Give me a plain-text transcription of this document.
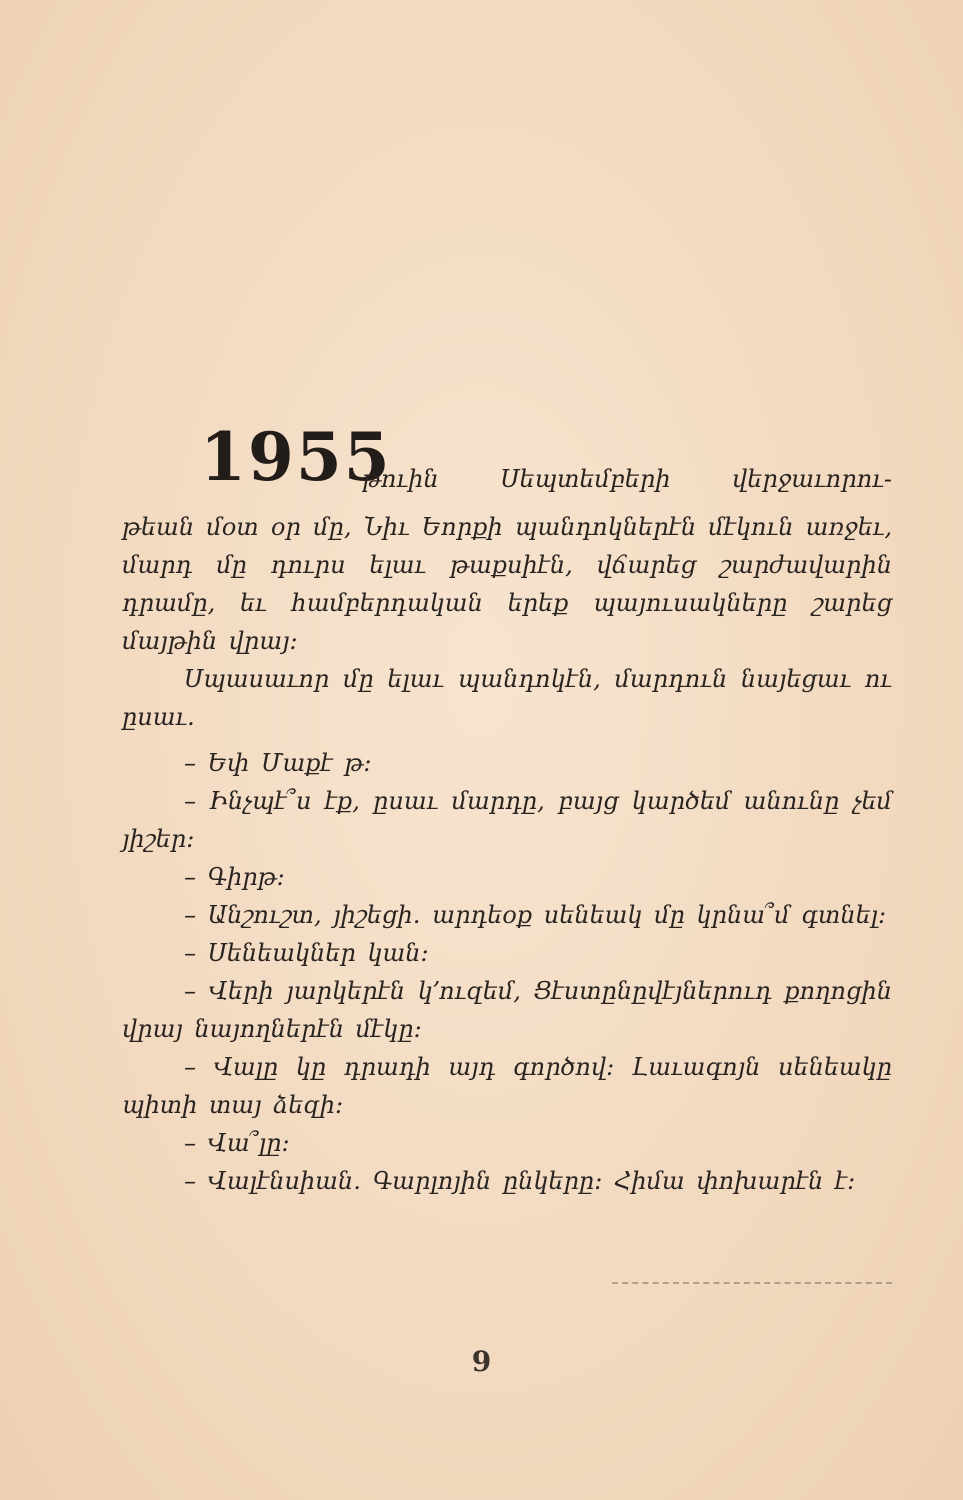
1955
թուին Սեպտեմբերի վերջաւորու-

թեան մօտ օր մը, Նիւ Եորքի պանդոկներէն մէկուն առջեւ, մարդ մը դուրս ելաւ թաքսիէն, վճարեց շարժավարին դրամը, եւ համբերդական երեք պայուսակները շարեց մայթին վրայ։

Սպասաւոր մը ելաւ պանդոկէն, մարդուն նայեցաւ ու ըսաւ.

– Եփ Մաքէ թ։

– Ինչպէ՞ս էք, ըսաւ մարդը, բայց կարծեմ անունը չեմ յիշեր։

– Գիրթ։

– Անշուշտ, յիշեցի․ արդեօք սենեակ մը կրնա՞մ գտնել։

– Սենեակներ կան։

– Վերի յարկերէն կ՚ուզեմ, Ցէստընըվէյներուդ քողոցին վրայ նայողներէն մէկը։

– Վալը կը դրադի այդ գործով։ Լաւագոյն սենեակը պիտի տայ ձեզի։

– Վա՞լը։

– Վալէնսիան․ Գարլոյին ընկերը։ Հիմա փոխարէն է։

9
